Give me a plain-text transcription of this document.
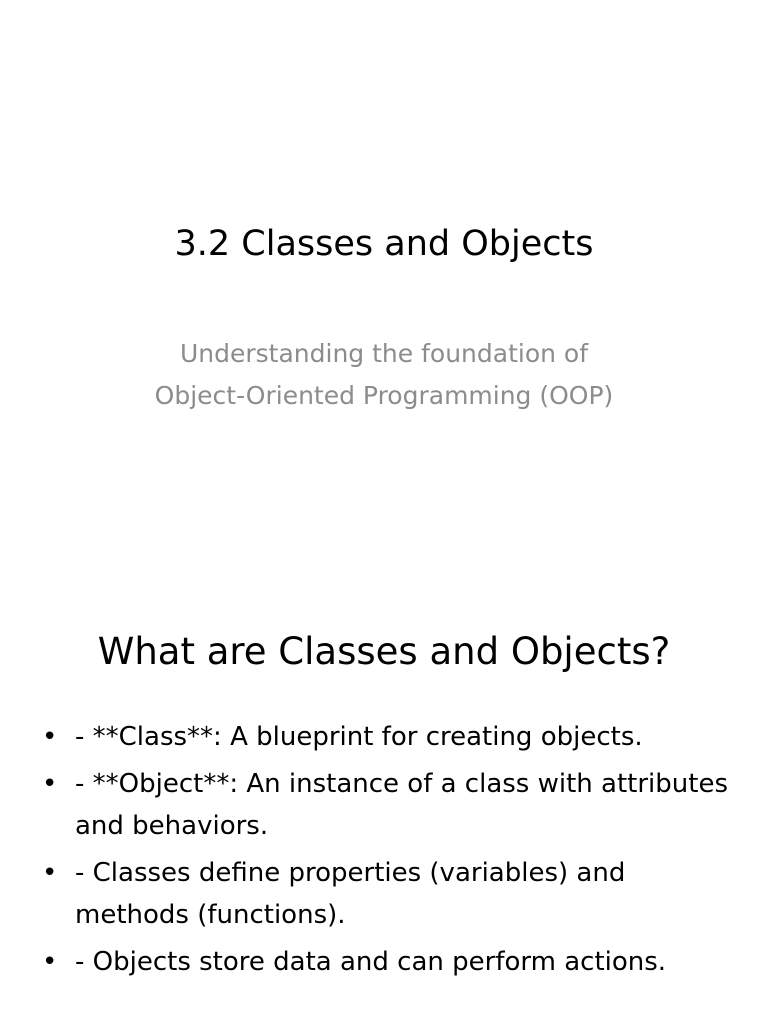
3.2 Classes and Objects
Understanding the foundation of
Object-Oriented Programming (OOP)
What are Classes and Objects?
• - **Class**: A blueprint for creating objects.
• - **Object**: An instance of a class with attributes and behaviors.
• - Classes define properties (variables) and methods (functions).
• - Objects store data and can perform actions.
